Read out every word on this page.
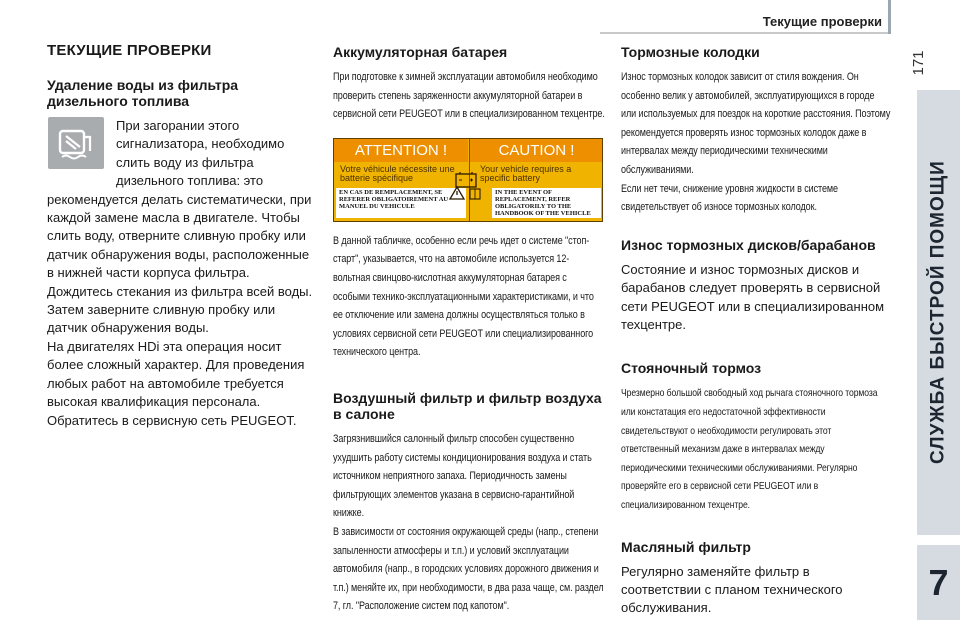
Текущие проверки
171
СЛУЖБА БЫСТРОЙ ПОМОЩИ
7
ТЕКУЩИЕ ПРОВЕРКИ
Удаление воды из фильтра дизельного топлива

При загорании этого сигнализатора, необходимо слить воду из фильтра дизельного топлива: это

рекомендуется делать систематически, при каждой замене масла в двигателе. Чтобы слить воду, отверните сливную пробку или датчик обнаружения воды, расположенные в нижней части корпуса фильтра. Дождитесь стекания из фильтра всей воды. Затем заверните сливную пробку или датчик обнаружения воды.

На двигателях HDi эта операция носит более сложный характер. Для проведения любых работ на автомобиле требуется высокая квалификация персонала. Обратитесь в сервисную сеть PEUGEOT.

Аккумуляторная батарея

При подготовке к зимней эксплуатации автомобиля необходимо проверить степень заряженности аккумуляторной батареи в сервисной сети PEUGEOT или в специализированном техцентре.

ATTENTION !
Votre véhicule nécessite une batterie spécifique
EN CAS DE REMPLACEMENT, SE REFERER OBLIGATOIREMENT AU MANUEL DU VEHICULE
CAUTION !
Your vehicle requires a specific battery
IN THE EVENT OF REPLACEMENT, REFER OBLIGATORILY TO THE HANDBOOK OF THE VEHICLE

В данной табличке, особенно если речь идет о системе "стоп-старт", указывается, что на автомобиле используется 12-вольтная свинцово-кислотная аккумуляторная батарея с особыми технико-эксплуатационными характеристиками, и что ее отключение или замена должны осуществляться только в условиях сервисной сети PEUGEOT или специализированного технического центра.

Воздушный фильтр и фильтр воздуха в салоне

Загрязнившийся салонный фильтр способен существенно ухудшить работу системы кондиционирования воздуха и стать источником неприятного запаха. Периодичность замены фильтрующих элементов указана в сервисно-гарантийной книжке.

В зависимости от состояния окружающей среды (напр., степени запыленности атмосферы и т.п.) и условий эксплуатации автомобиля (напр., в городских условиях дорожного движения и т.п.) меняйте их, при необходимости, в два раза чаще, см. раздел 7, гл. "Расположение систем под капотом".

Тормозные колодки

Износ тормозных колодок зависит от стиля вождения. Он особенно велик у автомобилей, эксплуатирующихся в городе или используемых для поездок на короткие расстояния. Поэтому рекомендуется проверять износ тормозных колодок даже в интервалах между периодическими техническими обслуживаниями.

Если нет течи, снижение уровня жидкости в системе свидетельствует об износе тормозных колодок.

Износ тормозных дисков/барабанов

Состояние и износ тормозных дисков и барабанов следует проверять в сервисной сети PEUGEOT или в специализированном техцентре.

Стояночный тормоз

Чрезмерно большой свободный ход рычага стояночного тормоза или констатация его недостаточной эффективности свидетельствуют о необходимости регулировать этот ответственный механизм даже в интервалах между периодическими техническими обслуживаниями. Регулярно проверяйте его в сервисной сети PEUGEOT или в специализированном техцентре.

Масляный фильтр

Регулярно заменяйте фильтр в соответствии с планом технического обслуживания.
